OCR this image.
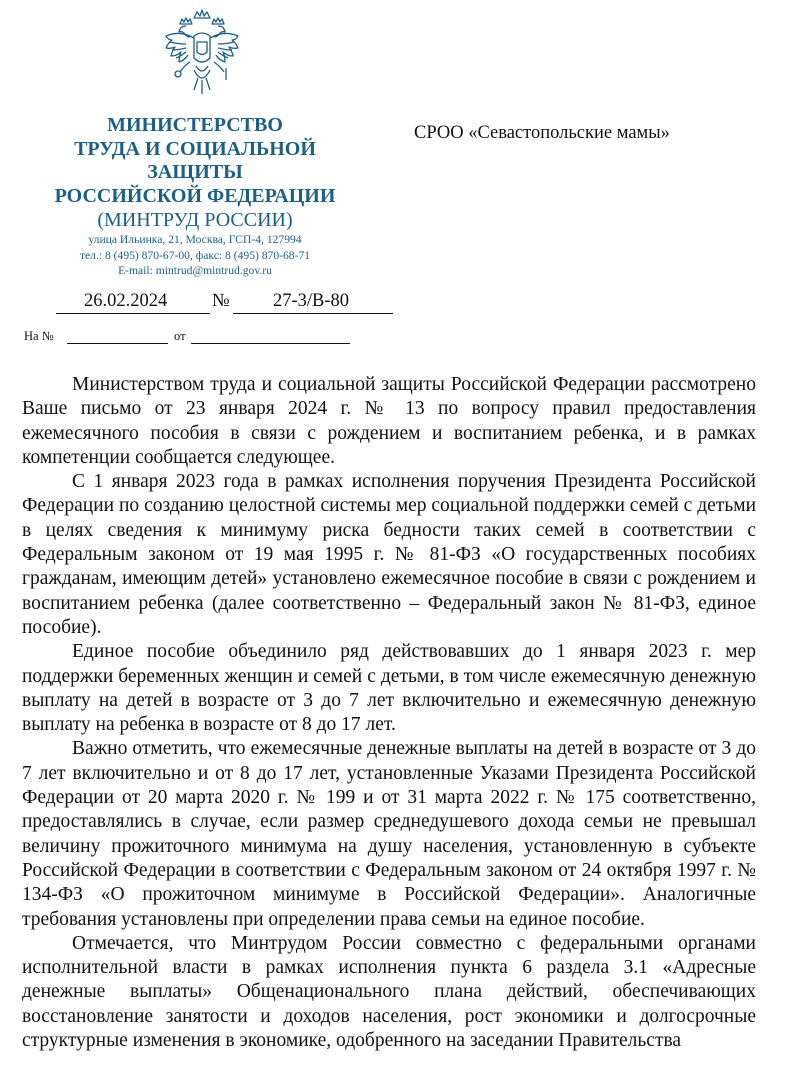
МИНИСТЕРСТВО
ТРУДА И СОЦИАЛЬНОЙ
ЗАЩИТЫ
РОССИЙСКОЙ ФЕДЕРАЦИИ
(МИНТРУД РОССИИ)
улица Ильинка, 21, Москва, ГСП-4, 127994
тел.: 8 (495) 870-67-00, факс: 8 (495) 870-68-71
E-mail: mintrud@mintrud.gov.ru
СРОО «Севастопольские мамы»
26.02.2024 № 27-3/В-80
На №	от

Министерством труда и социальной защиты Российской Федерации рассмотрено Ваше письмо от 23 января 2024 г. № 13 по вопросу правил предоставления ежемесячного пособия в связи с рождением и воспитанием ребенка, и в рамках компетенции сообщается следующее.

С 1 января 2023 года в рамках исполнения поручения Президента Российской Федерации по созданию целостной системы мер социальной поддержки семей с детьми в целях сведения к минимуму риска бедности таких семей в соответствии с Федеральным законом от 19 мая 1995 г. № 81-ФЗ «О государственных пособиях гражданам, имеющим детей» установлено ежемесячное пособие в связи с рождением и воспитанием ребенка (далее соответственно – Федеральный закон № 81-ФЗ, единое пособие).

Единое пособие объединило ряд действовавших до 1 января 2023 г. мер поддержки беременных женщин и семей с детьми, в том числе ежемесячную денежную выплату на детей в возрасте от 3 до 7 лет включительно и ежемесячную денежную выплату на ребенка в возрасте от 8 до 17 лет.

Важно отметить, что ежемесячные денежные выплаты на детей в возрасте от 3 до 7 лет включительно и от 8 до 17 лет, установленные Указами Президента Российской Федерации от 20 марта 2020 г. № 199 и от 31 марта 2022 г. № 175 соответственно, предоставлялись в случае, если размер среднедушевого дохода семьи не превышал величину прожиточного минимума на душу населения, установленную в субъекте Российской Федерации в соответствии с Федеральным законом от 24 октября 1997 г. № 134-ФЗ «О прожиточном минимуме в Российской Федерации». Аналогичные требования установлены при определении права семьи на единое пособие.

Отмечается, что Минтрудом России совместно с федеральными органами исполнительной власти в рамках исполнения пункта 6 раздела 3.1 «Адресные денежные выплаты» Общенационального плана действий, обеспечивающих восстановление занятости и доходов населения, рост экономики и долгосрочные структурные изменения в экономике, одобренного на заседании Правительства
